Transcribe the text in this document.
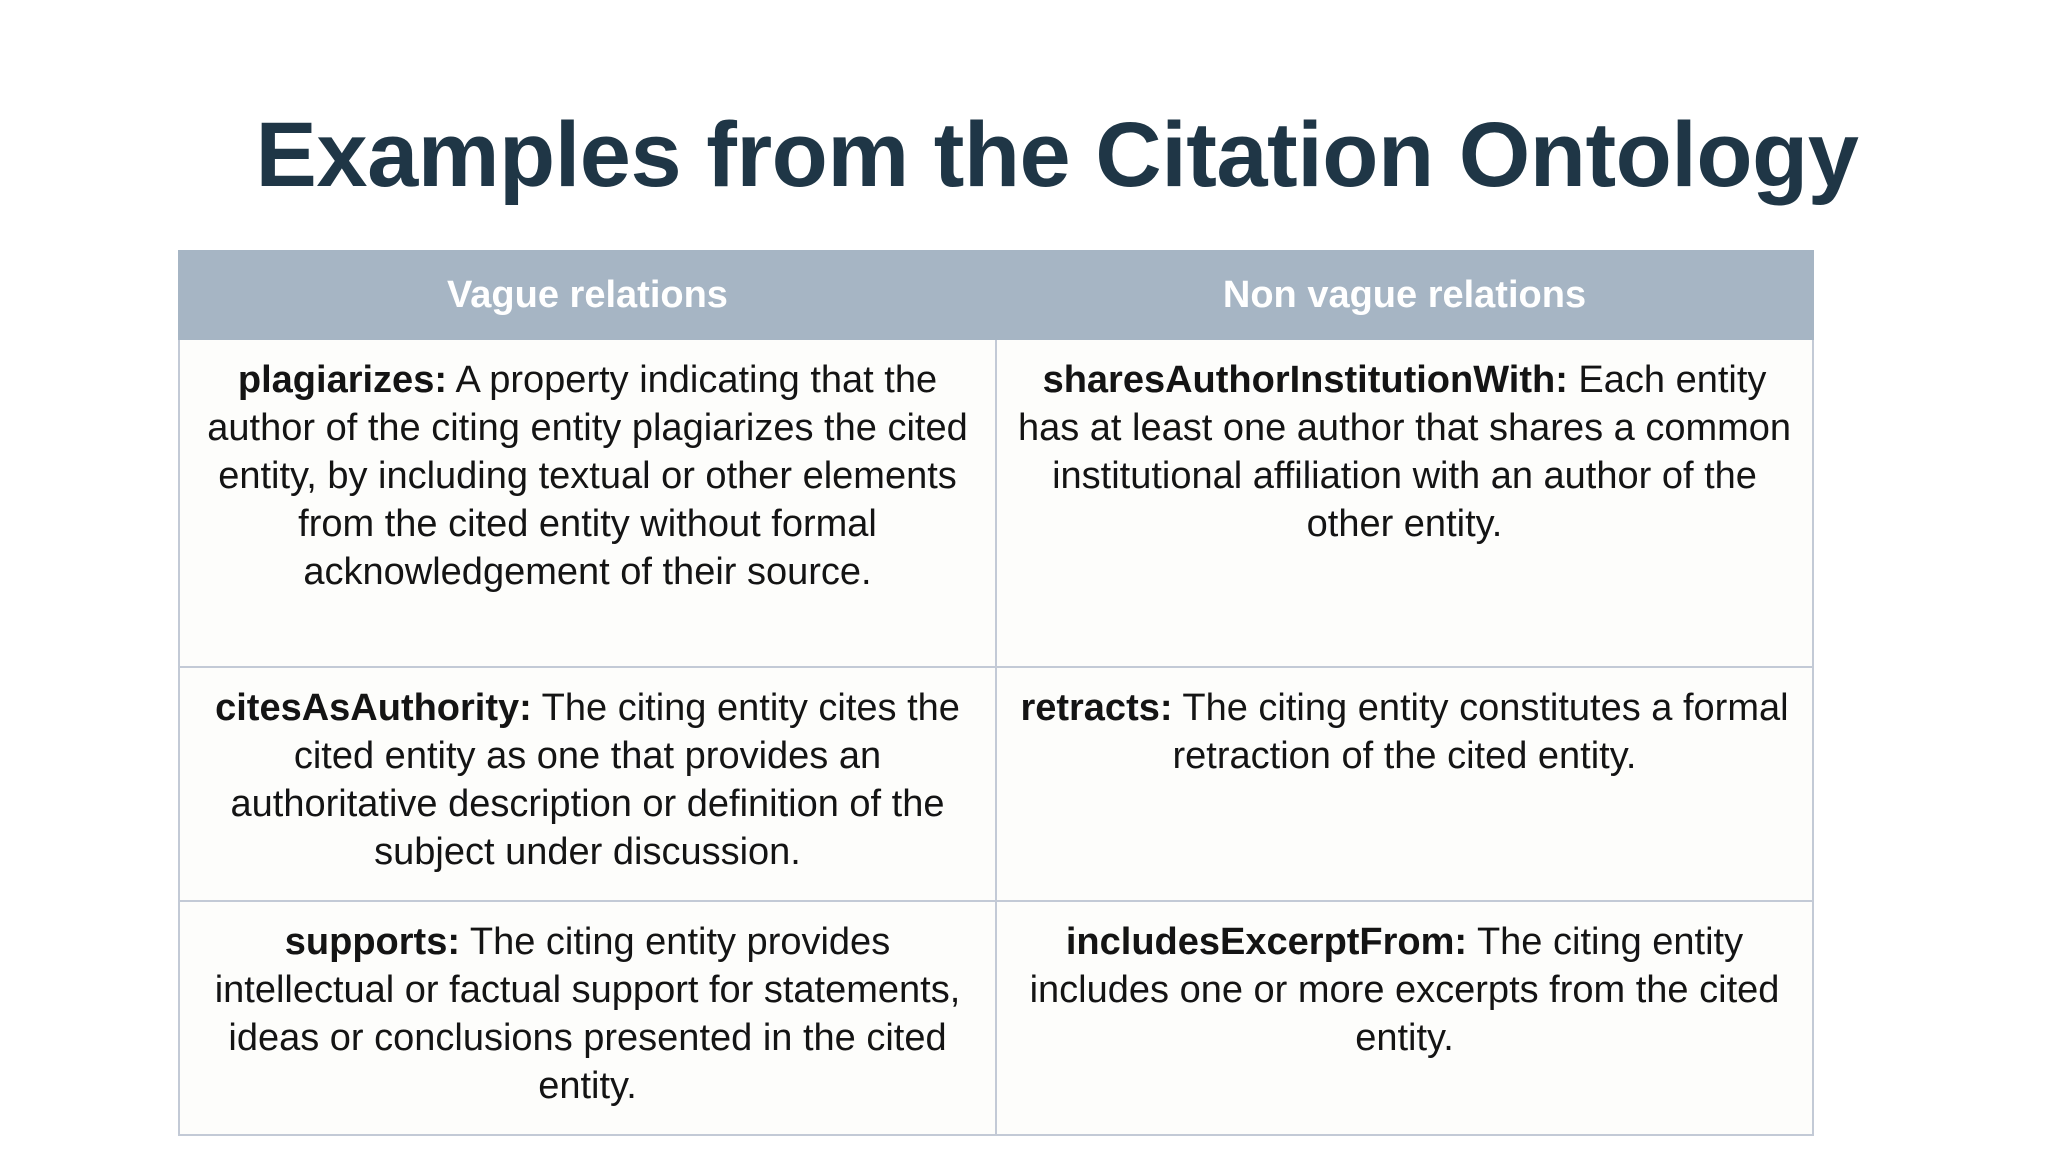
Examples from the Citation Ontology
Vague relations	Non vague relations
plagiarizes: A property indicating that the author of the citing entity plagiarizes the cited entity, by including textual or other elements from the cited entity without formal acknowledgement of their source.	sharesAuthorInstitutionWith: Each entity has at least one author that shares a common institutional affiliation with an author of the other entity.
citesAsAuthority: The citing entity cites the cited entity as one that provides an authoritative description or definition of the subject under discussion.	retracts: The citing entity constitutes a formal retraction of the cited entity.
supports: The citing entity provides intellectual or factual support for statements, ideas or conclusions presented in the cited entity.	includesExcerptFrom: The citing entity includes one or more excerpts from the cited entity.
